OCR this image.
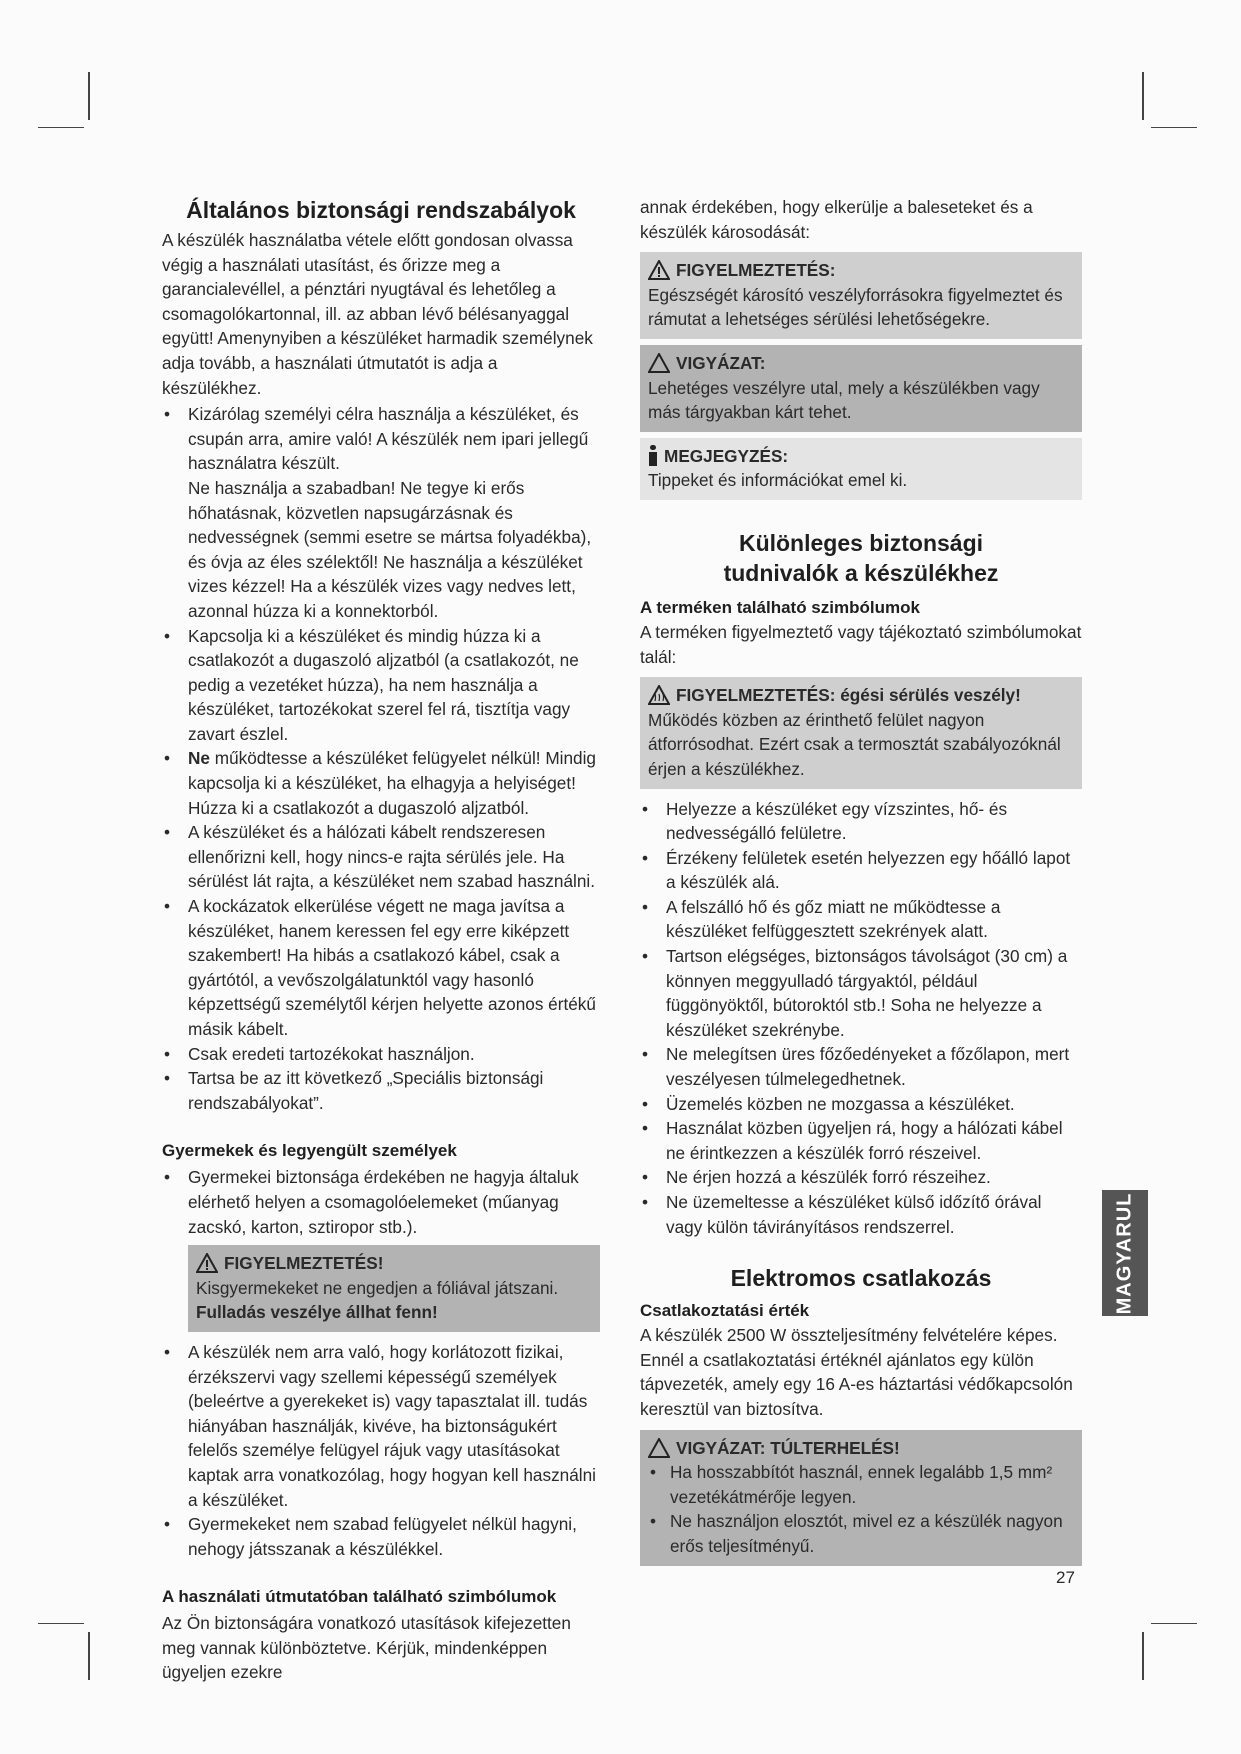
Általános biztonsági rendszabályok

A készülék használatba vétele előtt gondosan olvassa végig a használati utasítást, és őrizze meg a garancialevéllel, a pénztári nyugtával és lehetőleg a csomagolókartonnal, ill. az abban lévő bélésanyaggal együtt! Amenynyiben a készüléket harmadik személynek adja tovább, a használati útmutatót is adja a készülékhez.

• Kizárólag személyi célra használja a készüléket, és csupán arra, amire való! A készülék nem ipari jellegű használatra készült.
Ne használja a szabadban! Ne tegye ki erős hőhatásnak, közvetlen napsugárzásnak és nedvességnek (semmi esetre se mártsa folyadékba), és óvja az éles szélektől! Ne használja a készüléket vizes kézzel! Ha a készülék vizes vagy nedves lett, azonnal húzza ki a konnektorból.
• Kapcsolja ki a készüléket és mindig húzza ki a csatlakozót a dugaszoló aljzatból (a csatlakozót, ne pedig a vezetéket húzza), ha nem használja a készüléket, tartozékokat szerel fel rá, tisztítja vagy zavart észlel.
• Ne működtesse a készüléket felügyelet nélkül! Mindig kapcsolja ki a készüléket, ha elhagyja a helyiséget! Húzza ki a csatlakozót a dugaszoló aljzatból.
• A készüléket és a hálózati kábelt rendszeresen ellenőrizni kell, hogy nincs-e rajta sérülés jele. Ha sérülést lát rajta, a készüléket nem szabad használni.
• A kockázatok elkerülése végett ne maga javítsa a készüléket, hanem keressen fel egy erre kiképzett szakembert! Ha hibás a csatlakozó kábel, csak a gyártótól, a vevőszolgálatunktól vagy hasonló képzettségű személytől kérjen helyette azonos értékű másik kábelt.
• Csak eredeti tartozékokat használjon.
• Tartsa be az itt következő „Speciális biztonsági rendszabályokat”.
Gyermekek és legyengült személyek
• Gyermekei biztonsága érdekében ne hagyja általuk elérhető helyen a csomagolóelemeket (műanyag zacskó, karton, sztiropor stb.).
FIGYELMEZTETÉS!
Kisgyermekeket ne engedjen a fóliával játszani. Fulladás veszélye állhat fenn!
• A készülék nem arra való, hogy korlátozott fizikai, érzékszervi vagy szellemi képességű személyek (beleértve a gyerekeket is) vagy tapasztalat ill. tudás hiányában használják, kivéve, ha biztonságukért felelős személye felügyel rájuk vagy utasításokat kaptak arra vonatkozólag, hogy hogyan kell használni a készüléket.
• Gyermekeket nem szabad felügyelet nélkül hagyni, nehogy játsszanak a készülékkel.
A használati útmutatóban található szimbólumok

Az Ön biztonságára vonatkozó utasítások kifejezetten meg vannak különböztetve. Kérjük, mindenképpen ügyeljen ezekre

annak érdekében, hogy elkerülje a baleseteket és a készülék károsodását:

FIGYELMEZTETÉS:
Egészségét károsító veszélyforrásokra figyelmeztet és rámutat a lehetséges sérülési lehetőségekre.
VIGYÁZAT:
Lehetéges veszélyre utal, mely a készülékben vagy más tárgyakban kárt tehet.
MEGJEGYZÉS:
Tippeket és információkat emel ki.
Különleges biztonsági tudnivalók a készülékhez
A terméken található szimbólumok

A terméken figyelmeztető vagy tájékoztató szimbólumokat talál:

FIGYELMEZTETÉS: égési sérülés veszély!
Működés közben az érinthető felület nagyon átforrósodhat. Ezért csak a termosztát szabályozóknál érjen a készülékhez.
• Helyezze a készüléket egy vízszintes, hő- és nedvességálló felületre.
• Érzékeny felületek esetén helyezzen egy hőálló lapot a készülék alá.
• A felszálló hő és gőz miatt ne működtesse a készüléket felfüggesztett szekrények alatt.
• Tartson elégséges, biztonságos távolságot (30 cm) a könnyen meggyulladó tárgyaktól, például függönyöktől, bútoroktól stb.! Soha ne helyezze a készüléket szekrénybe.
• Ne melegítsen üres főzőedényeket a főzőlapon, mert veszélyesen túlmelegedhetnek.
• Üzemelés közben ne mozgassa a készüléket.
• Használat közben ügyeljen rá, hogy a hálózati kábel ne érintkezzen a készülék forró részeivel.
• Ne érjen hozzá a készülék forró részeihez.
• Ne üzemeltesse a készüléket külső időzítő órával vagy külön távirányításos rendszerrel.
Elektromos csatlakozás
Csatlakoztatási érték

A készülék 2500 W összteljesítmény felvételére képes. Ennél a csatlakoztatási értéknél ajánlatos egy külön tápvezeték, amely egy 16 A-es háztartási védőkapcsolón keresztül van biztosítva.

VIGYÁZAT: TÚLTERHELÉS!
• Ha hosszabbítót használ, ennek legalább 1,5 mm² vezetékátmérője legyen.
• Ne használjon elosztót, mivel ez a készülék nagyon erős teljesítményű.
MAGYARUL
27
